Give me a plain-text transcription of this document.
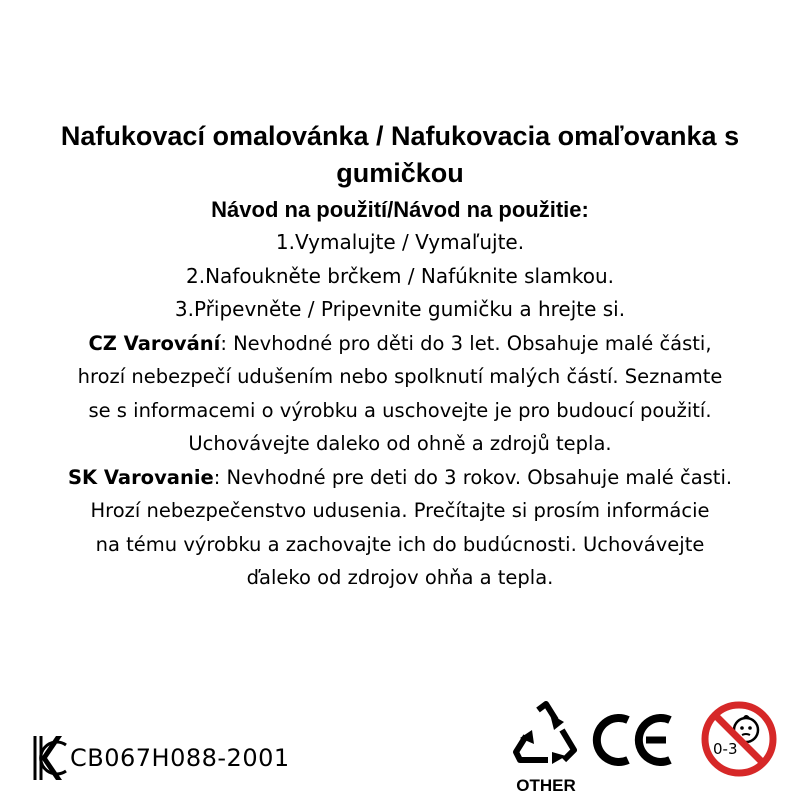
Nafukovací omalovánka / Nafukovacia omaľovanka s gumičkou
Návod na použití/Návod na použitie:
1.Vymalujte / Vymaľujte.
2.Nafoukněte brčkem / Nafúknite slamkou.
3.Připevněte / Pripevnite gumičku a hrejte si.
CZ Varování: Nevhodné pro děti do 3 let. Obsahuje malé části,
hrozí nebezpečí udušením nebo spolknutí malých částí. Seznamte
se s informacemi o výrobku a uschovejte je pro budoucí použití.
Uchovávejte daleko od ohně a zdrojů tepla.
SK Varovanie: Nevhodné pre deti do 3 rokov. Obsahuje malé časti.
Hrozí nebezpečenstvo udusenia. Prečítajte si prosím informácie
na tému výrobku a zachovajte ich do budúcnosti. Uchovávejte
ďaleko od zdrojov ohňa a tepla.
CB067H088-2001
OTHER
0-3
